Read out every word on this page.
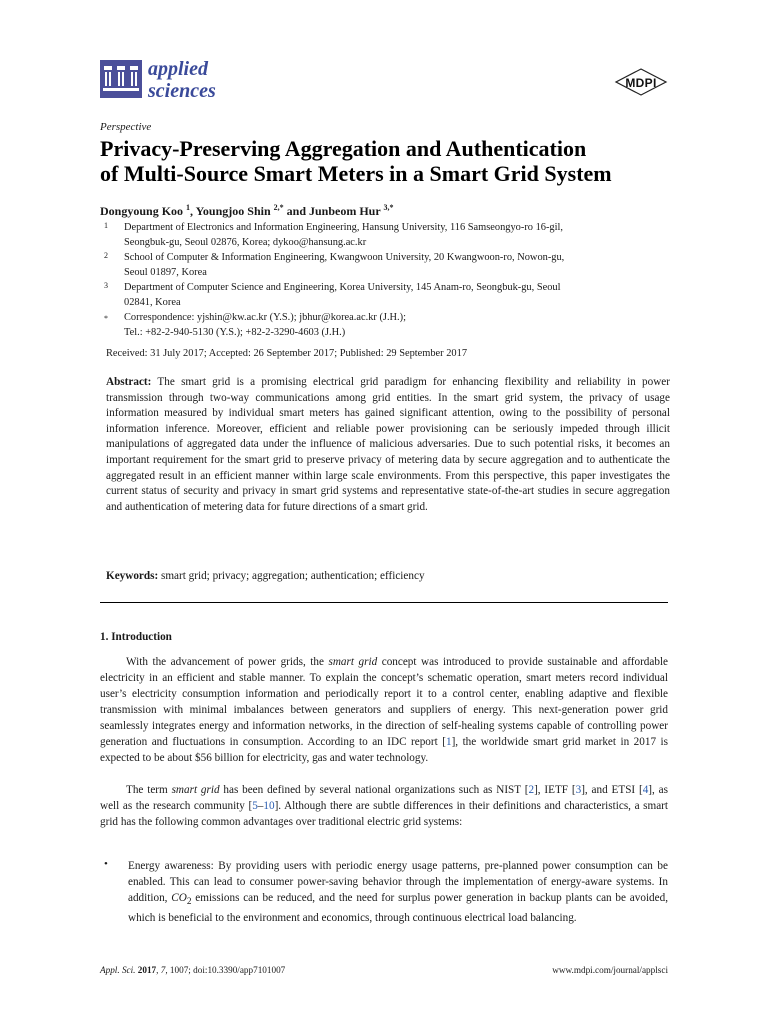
applied
sciences	MDPI
Perspective
Privacy-Preserving Aggregation and Authentication
of Multi-Source Smart Meters in a Smart Grid System
Dongyoung Koo $^1$, Youngjoo Shin $^{2,*}$ and Junbeom Hur $^{3,*}$
1 Department of Electronics and Information Engineering, Hansung University, 116 Samseongyo-ro 16-gil,
Seongbuk-gu, Seoul 02876, Korea; dykoo@hansung.ac.kr
2 School of Computer & Information Engineering, Kwangwoon University, 20 Kwangwoon-ro, Nowon-gu,
Seoul 01897, Korea
3 Department of Computer Science and Engineering, Korea University, 145 Anam-ro, Seongbuk-gu, Seoul
02841, Korea
* Correspondence: yjshin@kw.ac.kr (Y.S.); jbhur@korea.ac.kr (J.H.);
Tel.: +82-2-940-5130 (Y.S.); +82-2-3290-4603 (J.H.)
Received: 31 July 2017; Accepted: 26 September 2017; Published: 29 September 2017
Abstract: The smart grid is a promising electrical grid paradigm for enhancing flexibility and reliability in power transmission through two-way communications among grid entities. In the smart grid system, the privacy of usage information measured by individual smart meters has gained significant attention, owing to the possibility of personal information inference. Moreover, efficient and reliable power provisioning can be seriously impeded through illicit manipulations of aggregated data under the influence of malicious adversaries. Due to such potential risks, it becomes an important requirement for the smart grid to preserve privacy of metering data by secure aggregation and to authenticate the aggregated result in an efficient manner within large scale environments. From this perspective, this paper investigates the current status of security and privacy in smart grid systems and representative state-of-the-art studies in secure aggregation and authentication of metering data for future directions of a smart grid.
Keywords: smart grid; privacy; aggregation; authentication; efficiency
1. Introduction
With the advancement of power grids, the smart grid concept was introduced to provide sustainable and affordable electricity in an efficient and stable manner. To explain the concept’s schematic operation, smart meters record individual user’s electricity consumption information and periodically report it to a control center, enabling adaptive and flexible transmission with minimal imbalances between generators and suppliers of energy. This next-generation power grid seamlessly integrates energy and information networks, in the direction of self-healing systems capable of controlling power generation and fluctuations in consumption. According to an IDC report [1], the worldwide smart grid market in 2017 is expected to be about $56 billion for electricity, gas and water technology.
The term smart grid has been defined by several national organizations such as NIST [2], IETF [3], and ETSI [4], as well as the research community [5–10]. Although there are subtle differences in their definitions and characteristics, a smart grid has the following common advantages over traditional electric grid systems:
• Energy awareness: By providing users with periodic energy usage patterns, pre-planned power consumption can be enabled. This can lead to consumer power-saving behavior through the implementation of energy-aware systems. In addition, $CO_2$ emissions can be reduced, and the need for surplus power generation in backup plants can be avoided, which is beneficial to the environment and economics, through continuous electrical load balancing.
Appl. Sci. 2017, 7, 1007; doi:10.3390/app7101007	www.mdpi.com/journal/applsci
